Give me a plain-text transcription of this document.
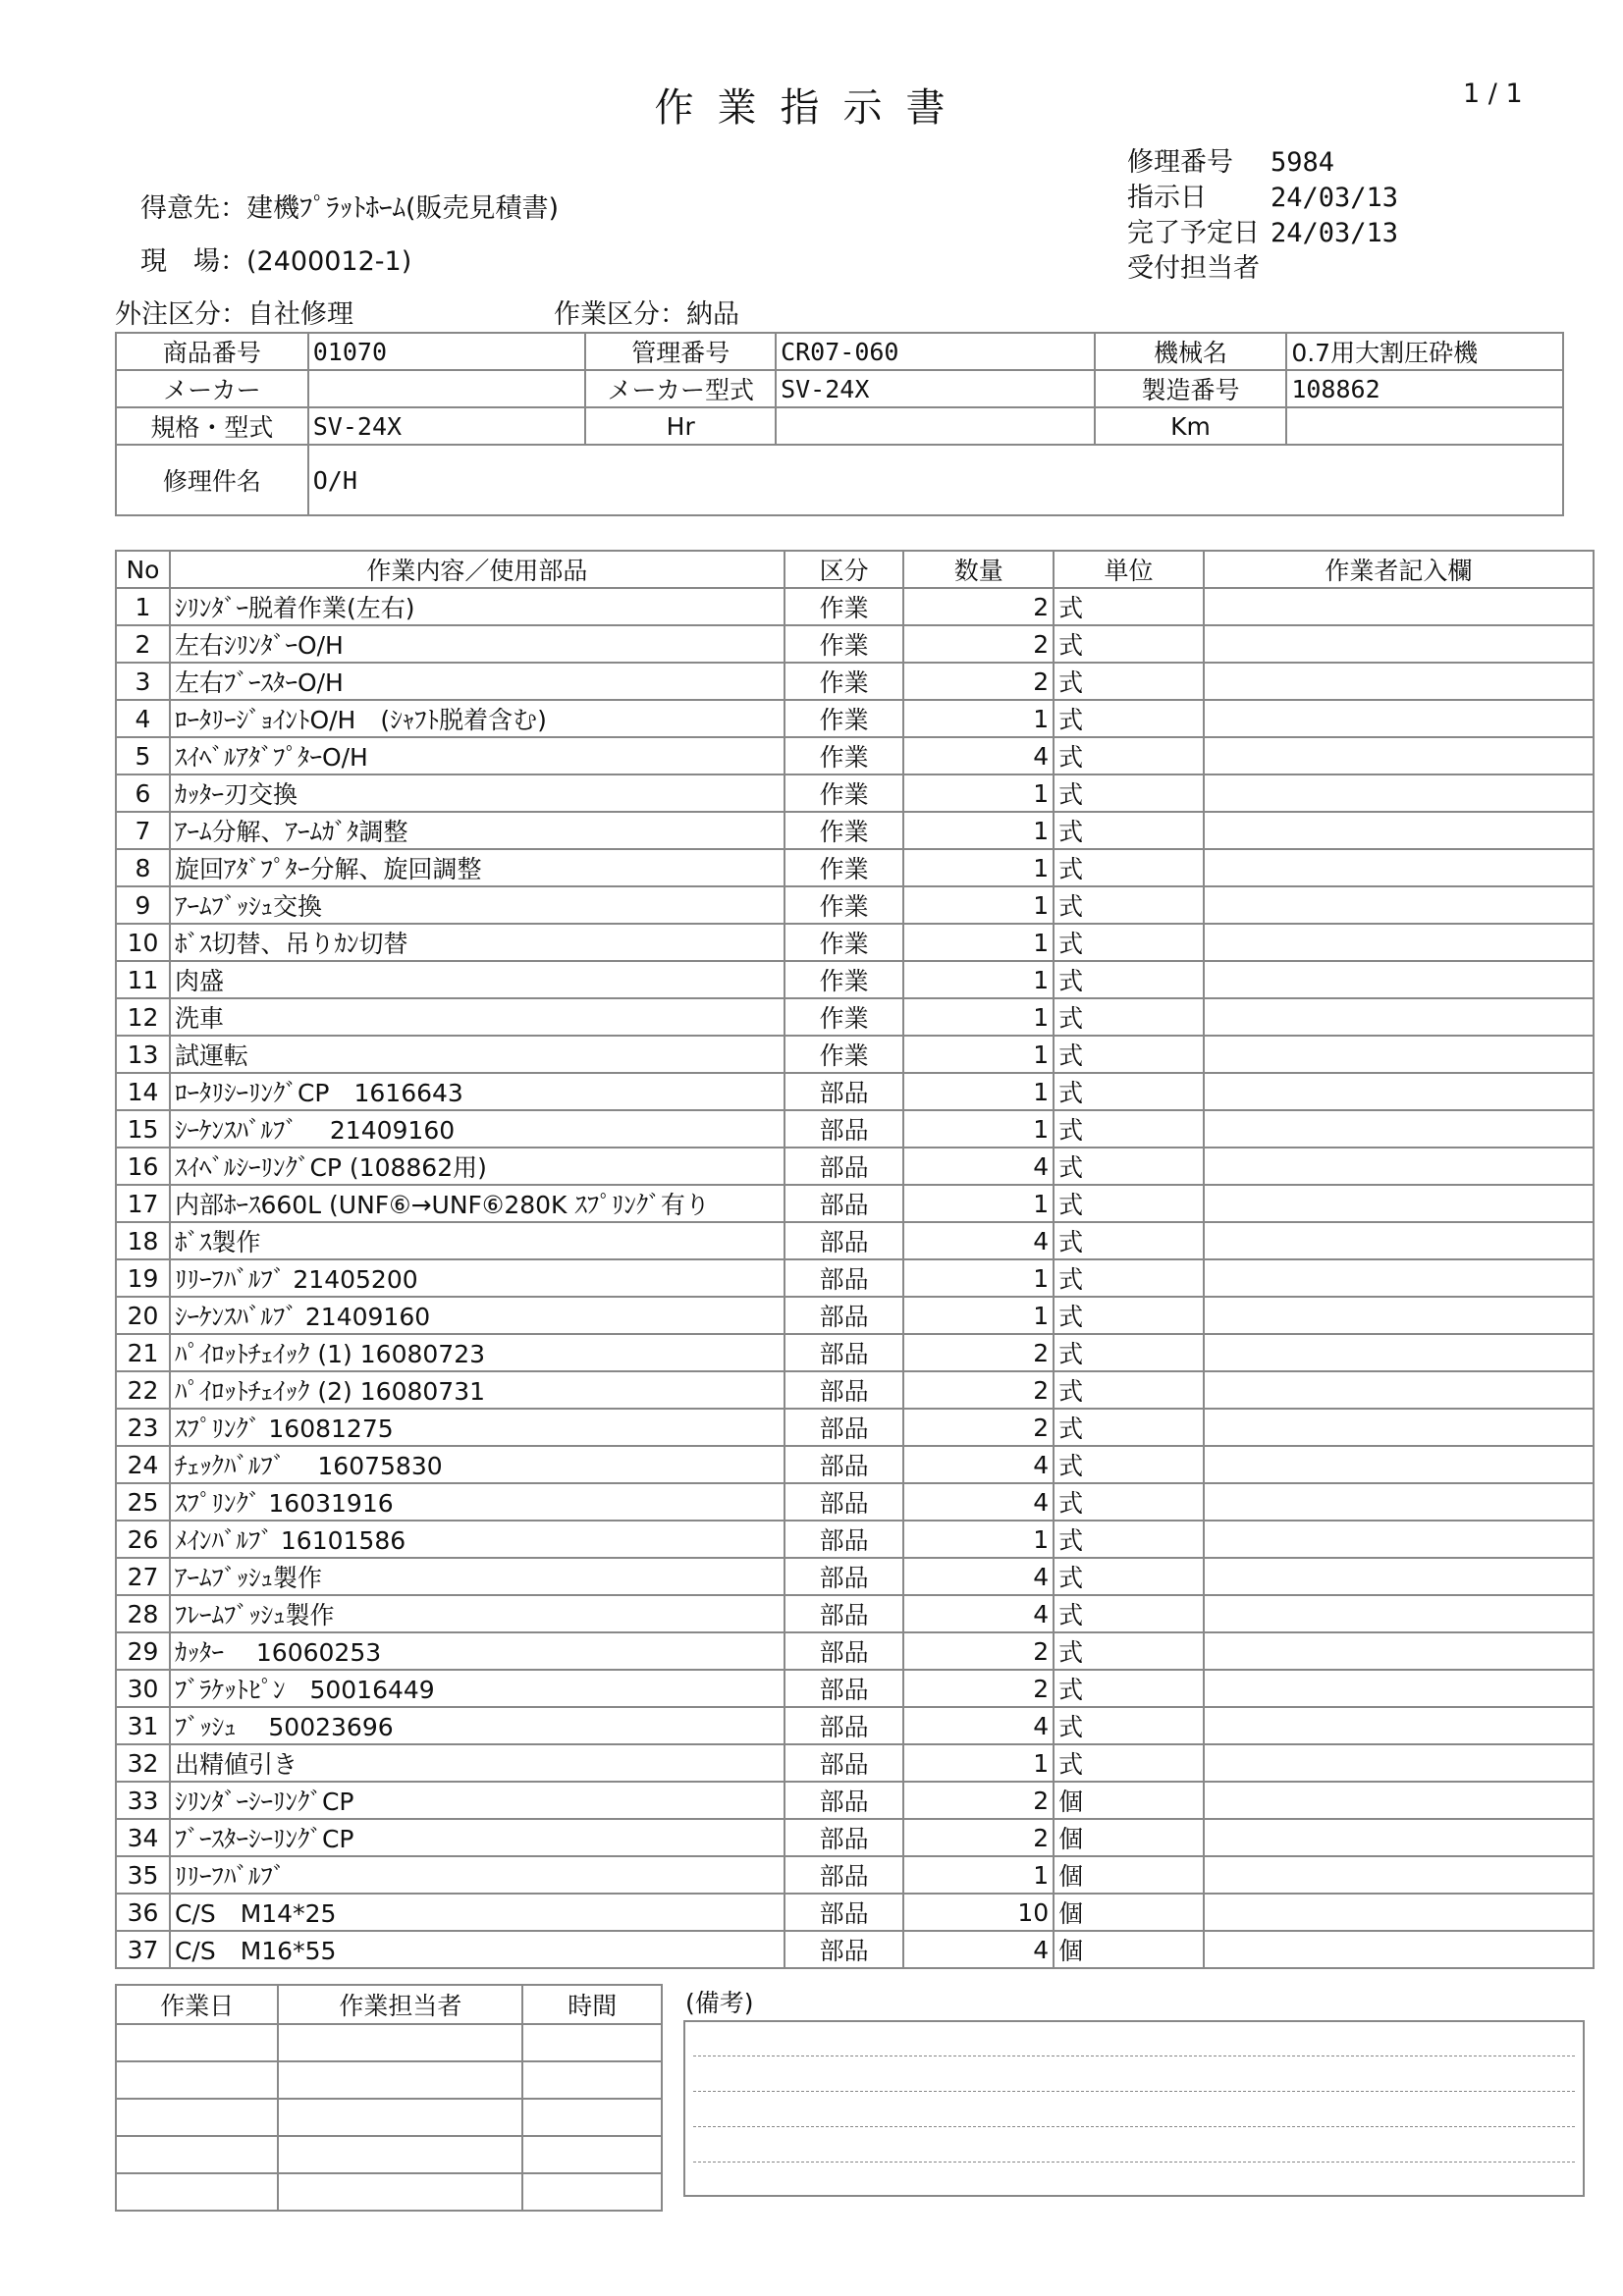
作業指示書	1 / 1
得意先：建機ﾌﾟﾗｯﾄﾎｰﾑ(販売見積書)
現　場：(2400012-1)
修理番号	5984
指示日	24/03/13
完了予定日 24/03/13
受付担当者
外注区分：自社修理	作業区分：納品
商品番号	01070	管理番号	CR07-060	機械名	0.7用大割圧砕機
メーカー		メーカー型式	SV-24X	製造番号	108862
規格・型式	SV-24X	Hr		Km	
修理件名	O/H				
No	作業内容／使用部品	区分	数量	単位	作業者記入欄
1	ｼﾘﾝﾀﾞｰ脱着作業(左右)	作業	2	式	
2	左右ｼﾘﾝﾀﾞｰO/H	作業	2	式	
3	左右ﾌﾞｰｽﾀｰO/H	作業	2	式	
4	ﾛｰﾀﾘｰｼﾞｮｲﾝﾄO/H　(ｼｬﾌﾄ脱着含む)	作業	1	式	
5	ｽｲﾍﾞﾙｱﾀﾞﾌﾟﾀｰO/H	作業	4	式	
6	ｶｯﾀｰ刃交換	作業	1	式	
7	ｱｰﾑ分解、ｱｰﾑｶﾞﾀ調整	作業	1	式	
8	旋回ｱﾀﾞﾌﾟﾀｰ分解、旋回調整	作業	1	式	
9	ｱｰﾑﾌﾞｯｼｭ交換	作業	1	式	
10	ﾎﾞｽ切替、吊りｶﾝ切替	作業	1	式	
11	肉盛	作業	1	式	
12	洗車	作業	1	式	
13	試運転	作業	1	式	
14	ﾛｰﾀﾘｼｰﾘﾝｸﾞCP　1616643	部品	1	式	
15	ｼｰｹﾝｽﾊﾞﾙﾌﾞ　 21409160	部品	1	式	
16	ｽｲﾍﾞﾙｼｰﾘﾝｸﾞCP (108862用)	部品	4	式	
17	内部ﾎｰｽ660L (UNF⑥→UNF⑥280K ｽﾌﾟﾘﾝｸﾞ有り	部品	1	式	
18	ﾎﾞｽ製作	部品	4	式	
19	ﾘﾘｰﾌﾊﾞﾙﾌﾞ 21405200	部品	1	式	
20	ｼｰｹﾝｽﾊﾞﾙﾌﾞ 21409160	部品	1	式	
21	ﾊﾟｲﾛｯﾄﾁｪｲｯｸ (1) 16080723	部品	2	式	
22	ﾊﾟｲﾛｯﾄﾁｪｲｯｸ (2) 16080731	部品	2	式	
23	ｽﾌﾟﾘﾝｸﾞ 16081275	部品	2	式	
24	ﾁｪｯｸﾊﾞﾙﾌﾞ　 16075830	部品	4	式	
25	ｽﾌﾟﾘﾝｸﾞ 16031916	部品	4	式	
26	ﾒｲﾝﾊﾞﾙﾌﾞ 16101586	部品	1	式	
27	ｱｰﾑﾌﾞｯｼｭ製作	部品	4	式	
28	ﾌﾚｰﾑﾌﾞｯｼｭ製作	部品	4	式	
29	ｶｯﾀｰ　 16060253	部品	2	式	
30	ﾌﾞﾗｹｯﾄﾋﾟﾝ　50016449	部品	2	式	
31	ﾌﾞｯｼｭ　 50023696	部品	4	式	
32	出精値引き	部品	1	式	
33	ｼﾘﾝﾀﾞｰｼｰﾘﾝｸﾞCP	部品	2	個	
34	ﾌﾞｰｽﾀｰｼｰﾘﾝｸﾞCP	部品	2	個	
35	ﾘﾘｰﾌﾊﾞﾙﾌﾞ	部品	1	個	
36	C/S　M14*25	部品	10	個	
37	C/S　M16*55	部品	4	個	
作業日	作業担当者	時間

			(備考)
